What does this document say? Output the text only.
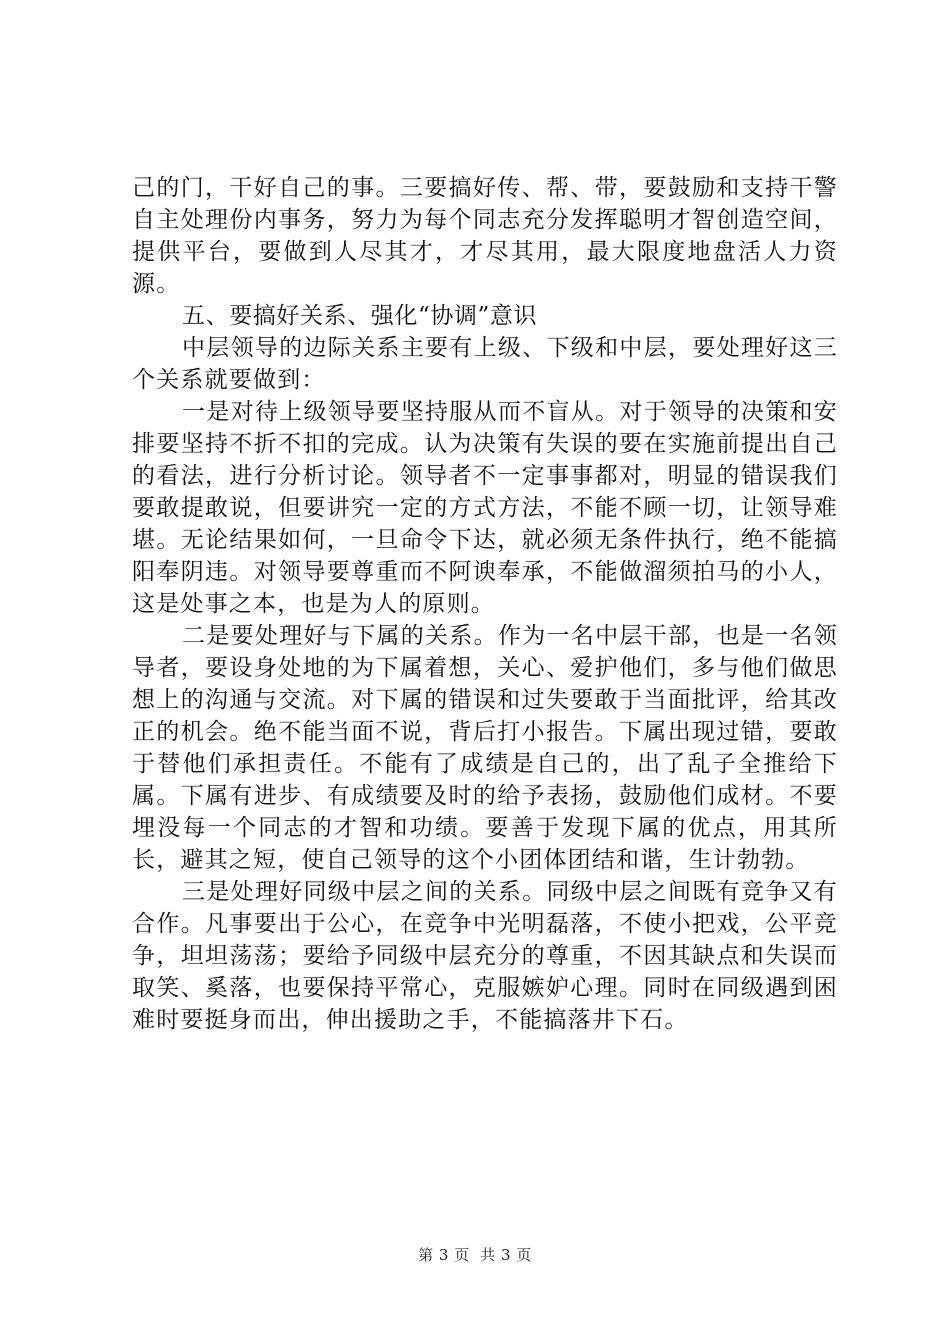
己的门，干好自己的事。三要搞好传、帮、带，要鼓励和支持干警自主处理份内事务，努力为每个同志充分发挥聪明才智创造空间，提供平台，要做到人尽其才，才尽其用，最大限度地盘活人力资源。

五、要搞好关系、强化“协调”意识

中层领导的边际关系主要有上级、下级和中层，要处理好这三个关系就要做到：

一是对待上级领导要坚持服从而不盲从。对于领导的决策和安排要坚持不折不扣的完成。认为决策有失误的要在实施前提出自己的看法，进行分析讨论。领导者不一定事事都对，明显的错误我们要敢提敢说，但要讲究一定的方式方法，不能不顾一切，让领导难堪。无论结果如何，一旦命令下达，就必须无条件执行，绝不能搞阳奉阴违。对领导要尊重而不阿谀奉承，不能做溜须拍马的小人，这是处事之本，也是为人的原则。

二是要处理好与下属的关系。作为一名中层干部，也是一名领导者，要设身处地的为下属着想，关心、爱护他们，多与他们做思想上的沟通与交流。对下属的错误和过失要敢于当面批评，给其改正的机会。绝不能当面不说，背后打小报告。下属出现过错，要敢于替他们承担责任。不能有了成绩是自己的，出了乱子全推给下属。下属有进步、有成绩要及时的给予表扬，鼓励他们成材。不要埋没每一个同志的才智和功绩。要善于发现下属的优点，用其所长，避其之短，使自己领导的这个小团体团结和谐，生计勃勃。

三是处理好同级中层之间的关系。同级中层之间既有竞争又有合作。凡事要出于公心，在竞争中光明磊落，不使小把戏，公平竞争，坦坦荡荡；要给予同级中层充分的尊重，不因其缺点和失误而取笑、奚落，也要保持平常心，克服嫉妒心理。同时在同级遇到困难时要挺身而出，伸出援助之手，不能搞落井下石。

第 3 页  共 3 页
